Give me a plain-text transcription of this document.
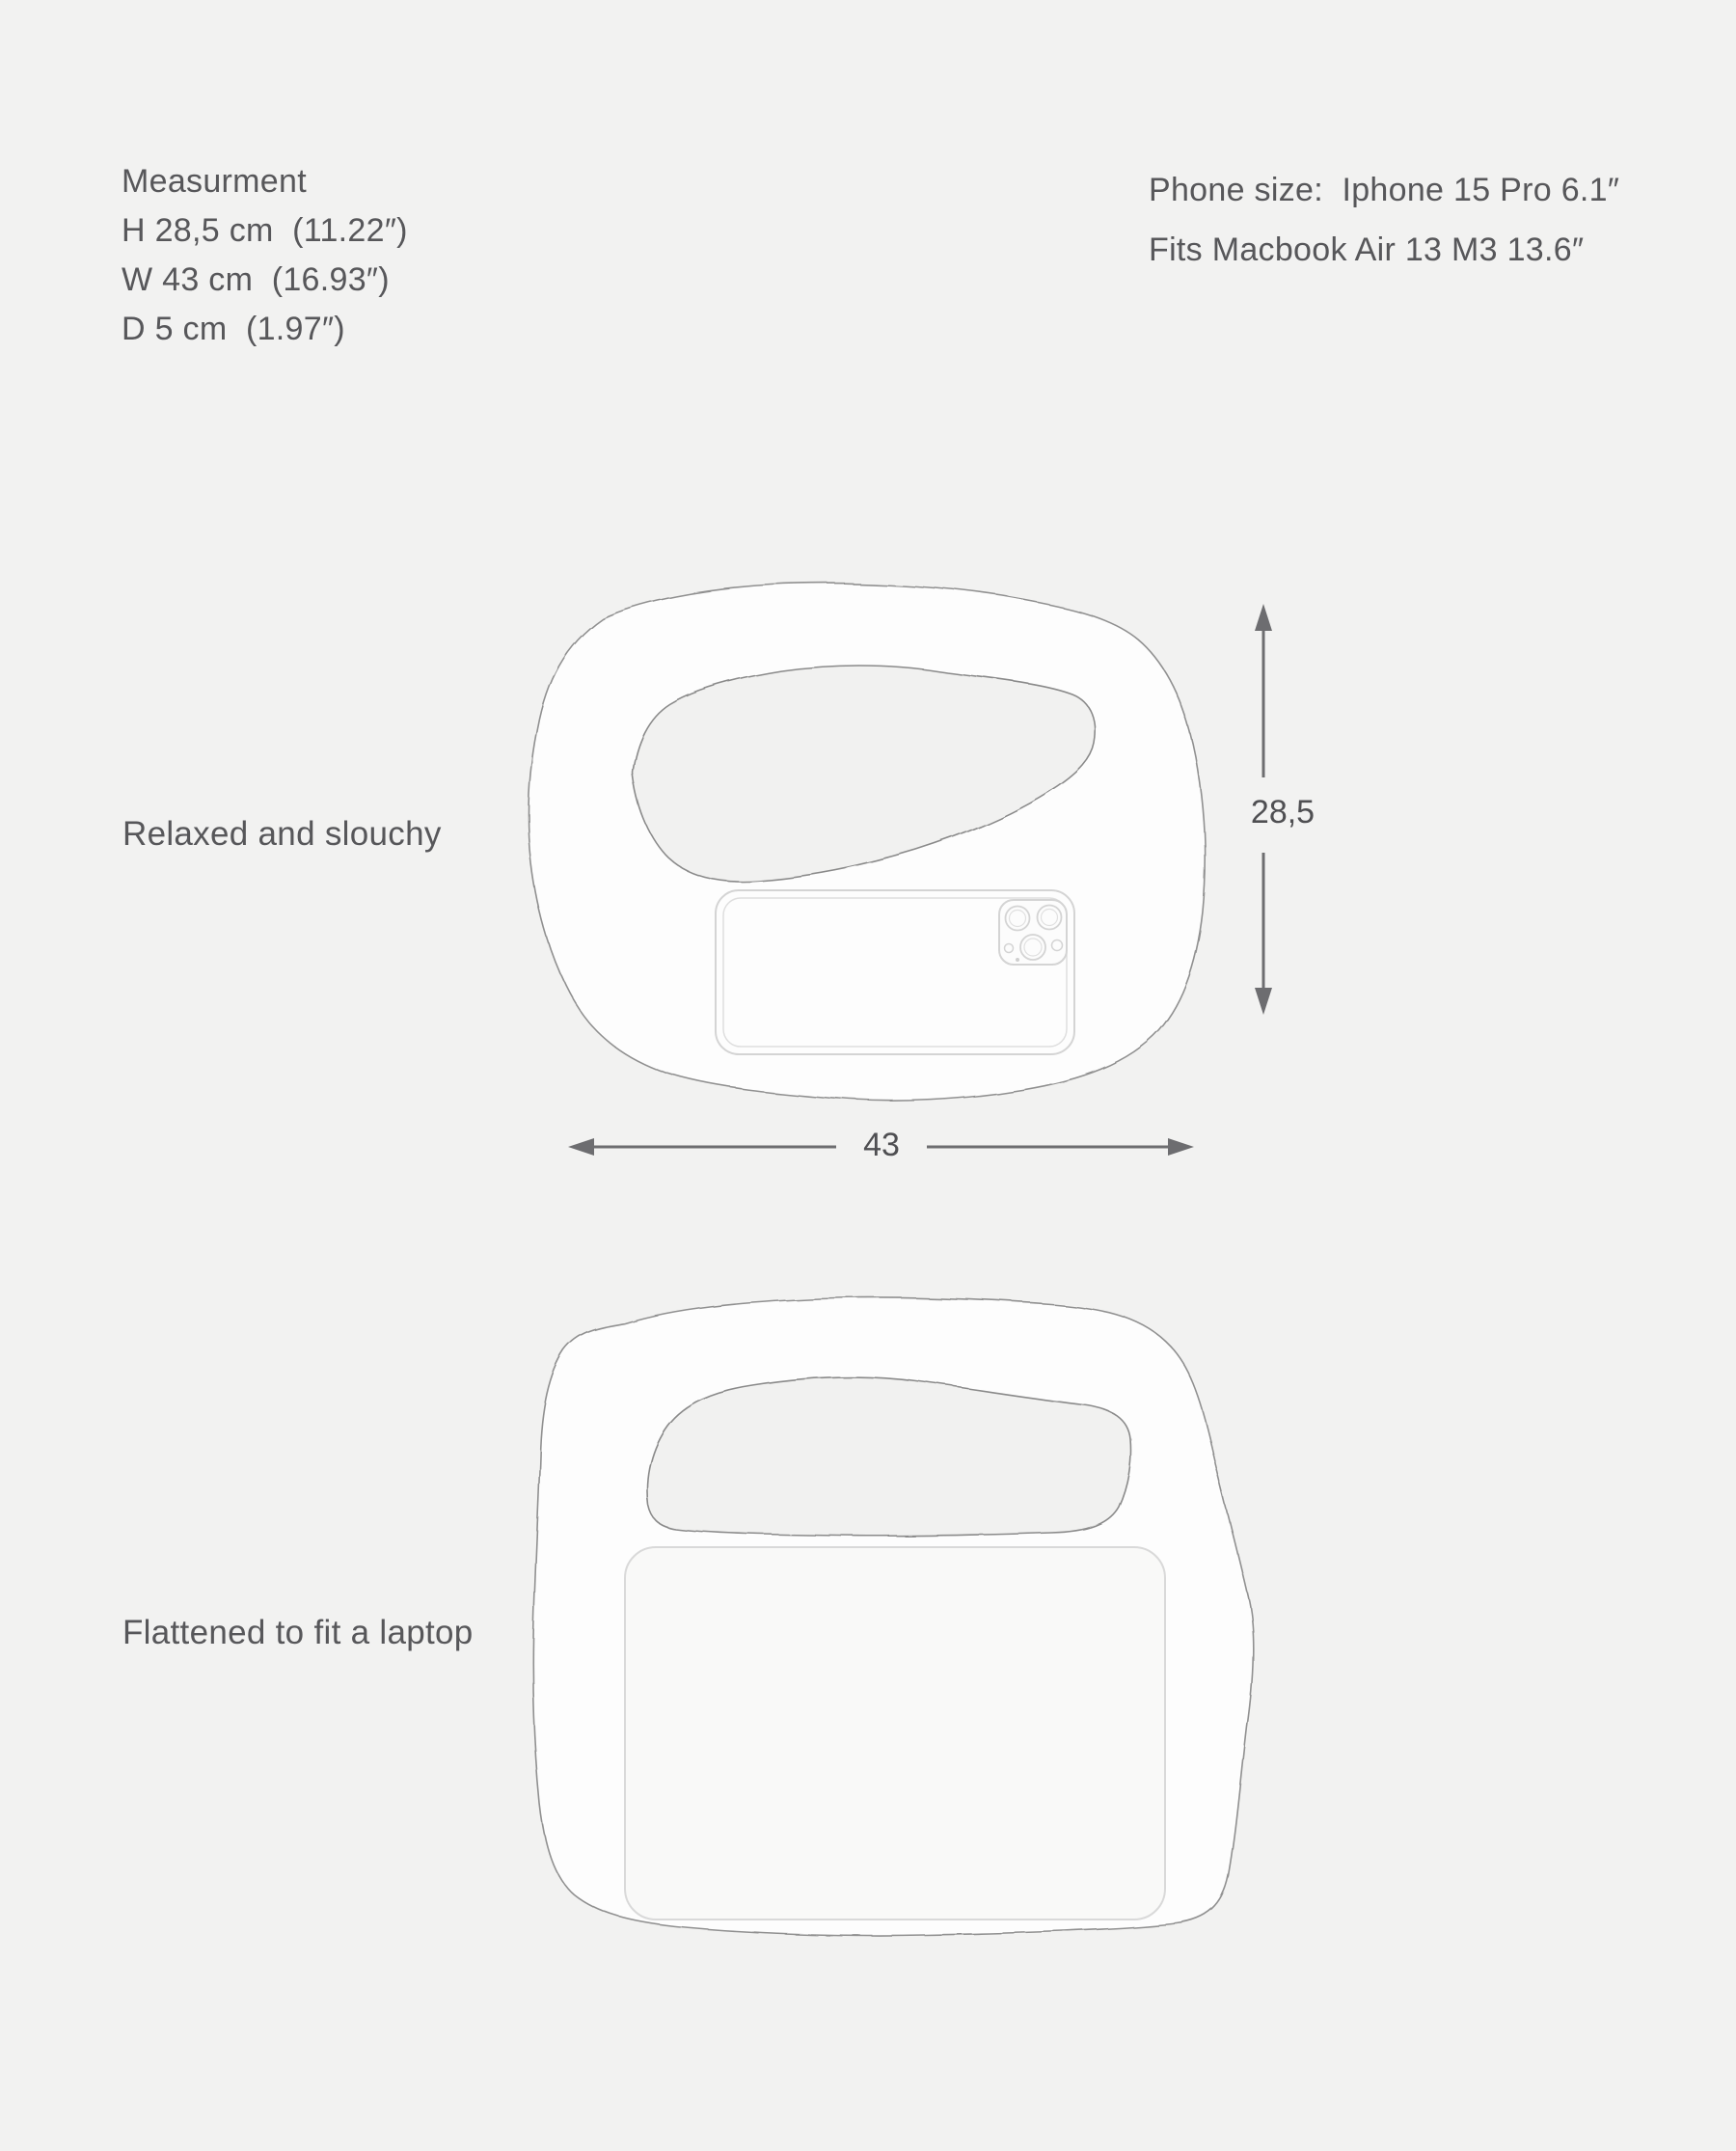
Measurment
H 28,5 cm  (11.22″)
W 43 cm  (16.93″)
D 5 cm  (1.97″)
Phone size:  Iphone 15 Pro 6.1″
Fits Macbook Air 13 M3 13.6″
Relaxed and slouchy
28,5
43
Flattened to fit a laptop
